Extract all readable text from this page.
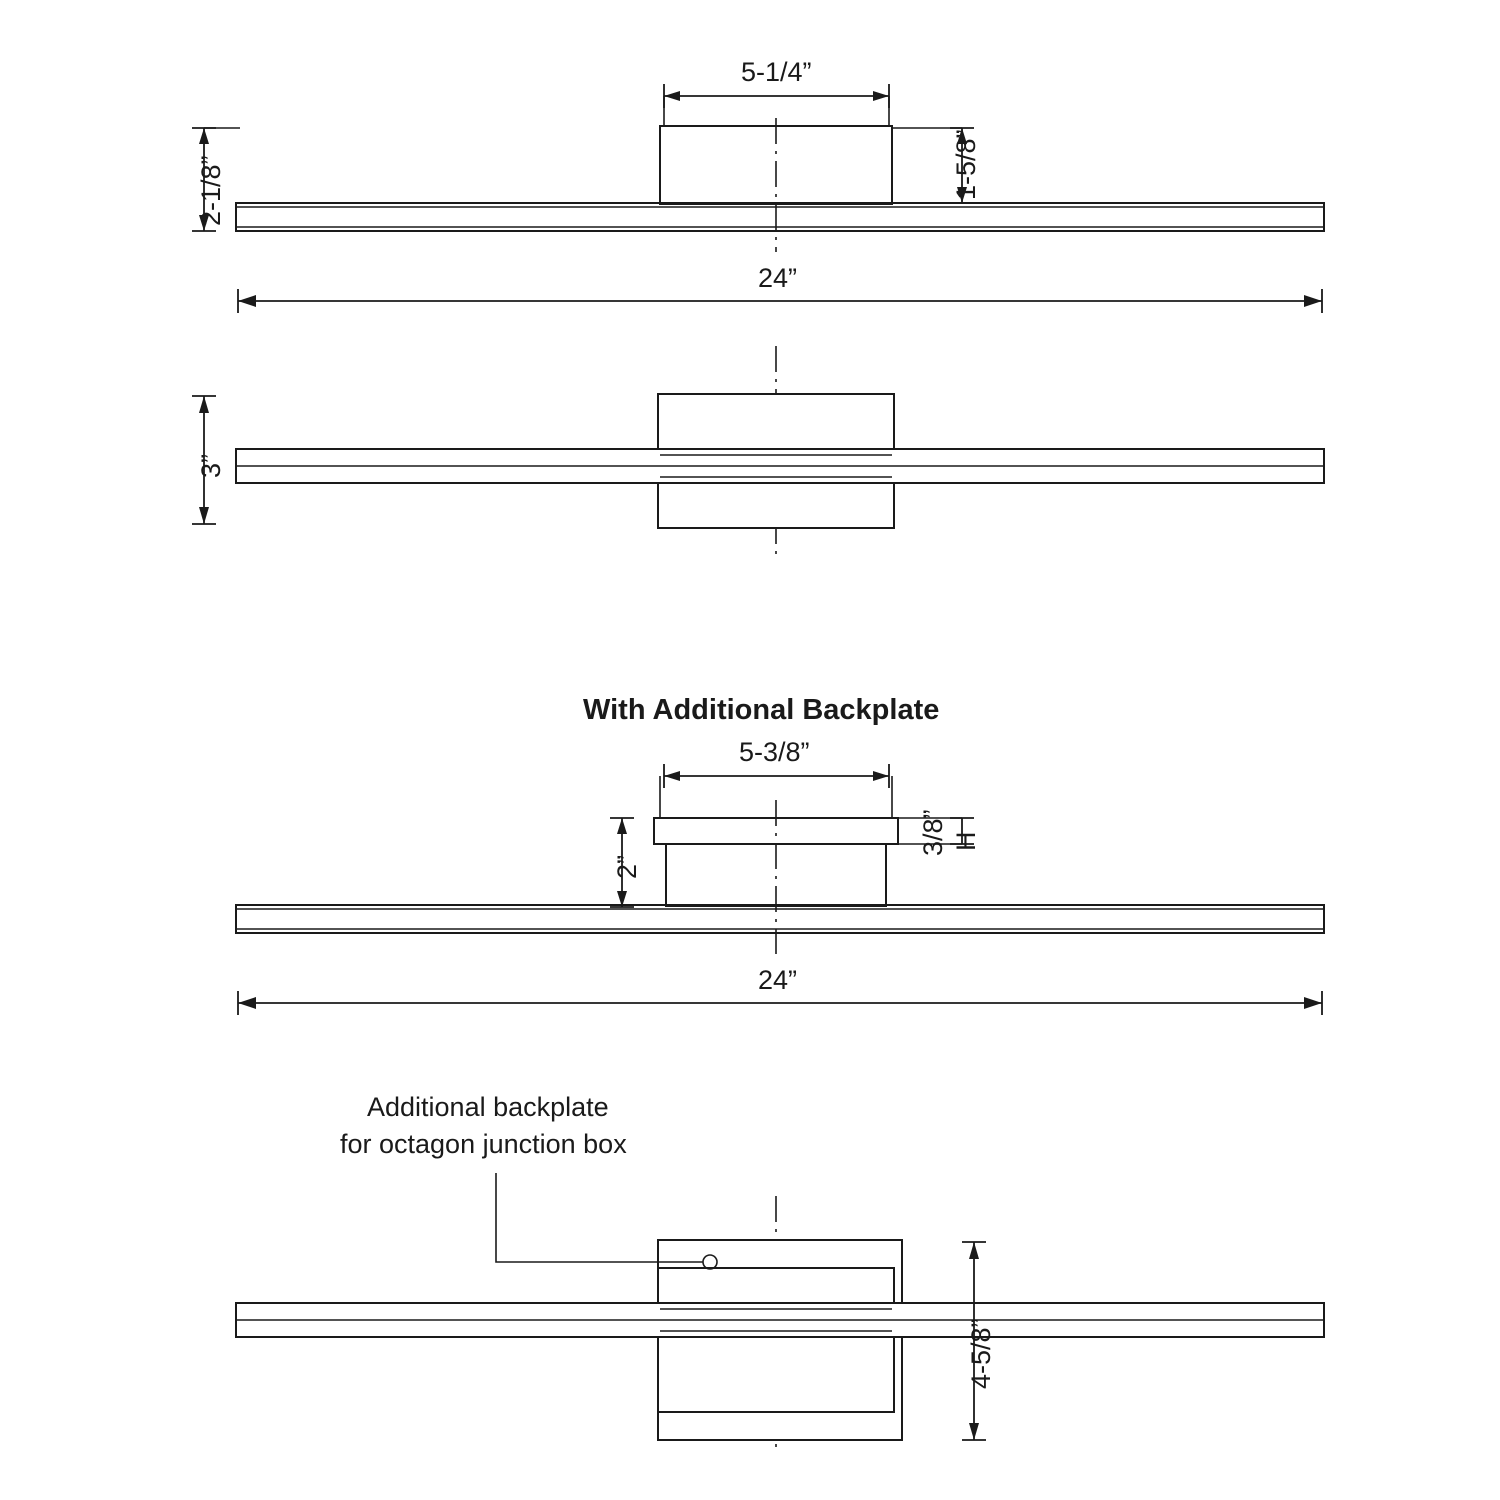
5-1/4”
2-1/8”	1-5/8”
24”
3”
With Additional Backplate
5-3/8”
3/8” H
2”
24”
4-5/8”
Additional backplate
for octagon junction box
